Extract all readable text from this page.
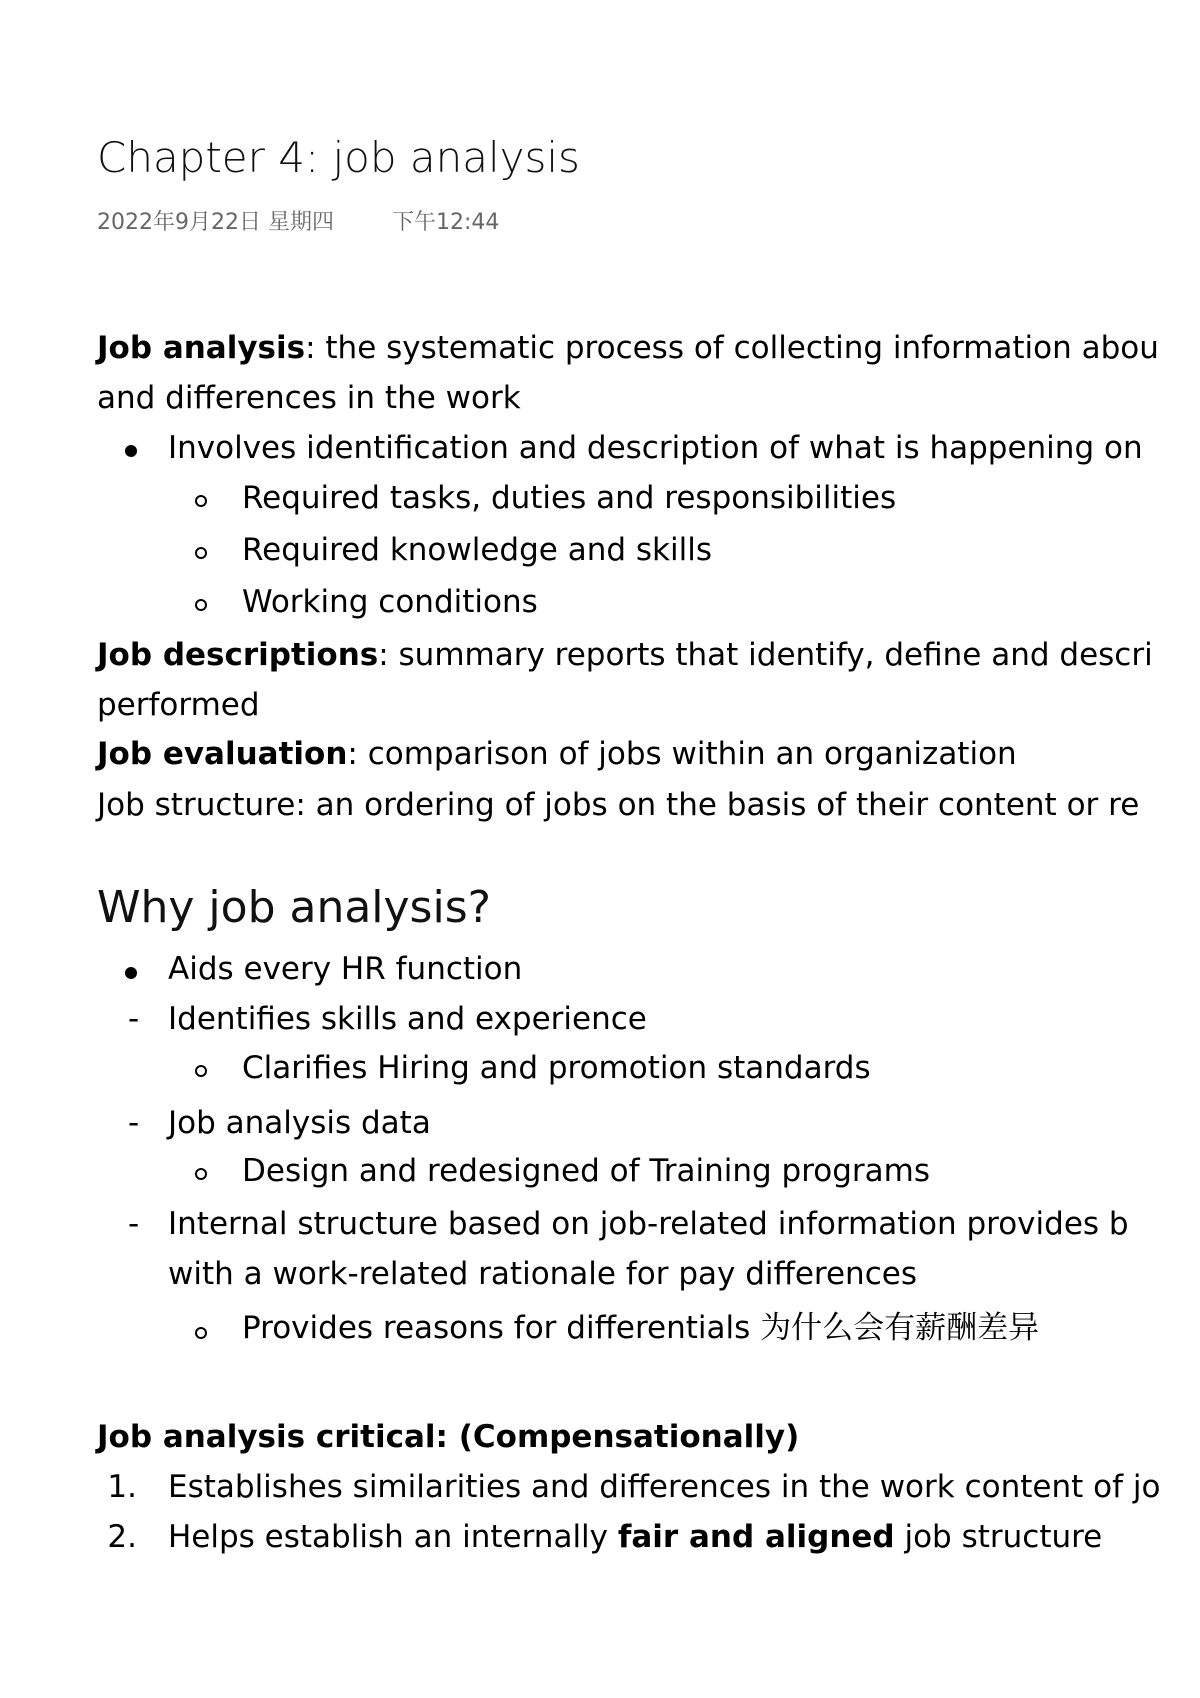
Chapter 4: job analysis
2022年9月22日 星期四	下午12:44
Job analysis: the systematic process of collecting information abou
and differences in the work
Involves identification and description of what is happening on
Required tasks, duties and responsibilities
Required knowledge and skills
Working conditions
Job descriptions: summary reports that identify, define and descri
performed
Job evaluation: comparison of jobs within an organization
Job structure: an ordering of jobs on the basis of their content or re
Why job analysis?
Aids every HR function
- Identifies skills and experience
Clarifies Hiring and promotion standards
- Job analysis data
Design and redesigned of Training programs
- Internal structure based on job-related information provides b
with a work-related rationale for pay differences
Provides reasons for differentials 为什么会有薪酬差异
Job analysis critical: (Compensationally)
1. Establishes similarities and differences in the work content of jo
2. Helps establish an internally fair and aligned job structure
